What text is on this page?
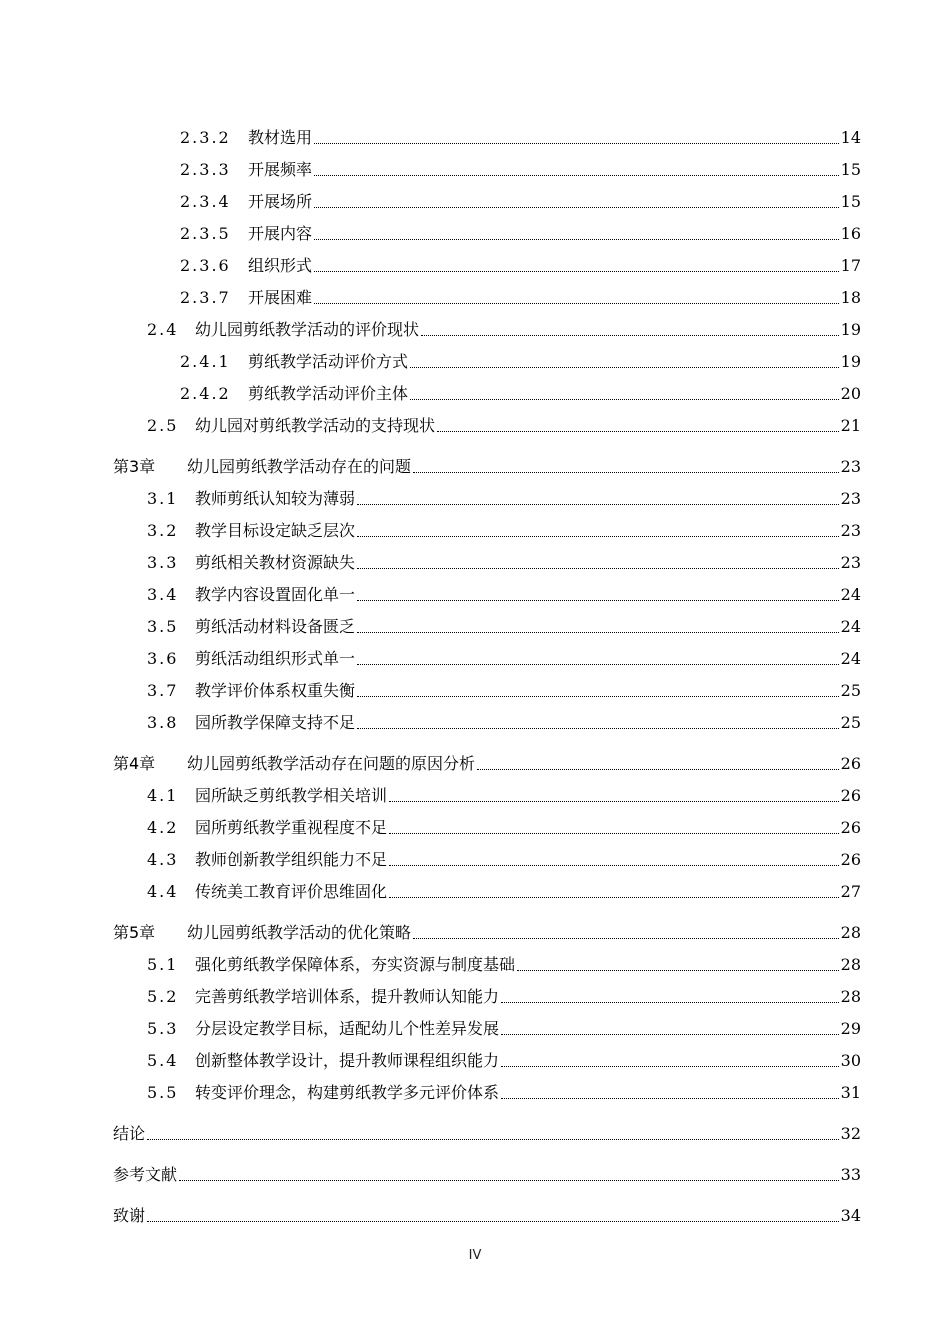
2.3.2	教材选用	14
2.3.3	开展频率	15
2.3.4	开展场所	15
2.3.5	开展内容	16
2.3.6	组织形式	17
2.3.7	开展困难	18
2.4	幼儿园剪纸教学活动的评价现状	19
2.4.1	剪纸教学活动评价方式	19
2.4.2	剪纸教学活动评价主体	20
2.5	幼儿园对剪纸教学活动的支持现状	21
第3章	幼儿园剪纸教学活动存在的问题	23
3.1	教师剪纸认知较为薄弱	23
3.2	教学目标设定缺乏层次	23
3.3	剪纸相关教材资源缺失	23
3.4	教学内容设置固化单一	24
3.5	剪纸活动材料设备匮乏	24
3.6	剪纸活动组织形式单一	24
3.7	教学评价体系权重失衡	25
3.8	园所教学保障支持不足	25
第4章	幼儿园剪纸教学活动存在问题的原因分析	26
4.1	园所缺乏剪纸教学相关培训	26
4.2	园所剪纸教学重视程度不足	26
4.3	教师创新教学组织能力不足	26
4.4	传统美工教育评价思维固化	27
第5章	幼儿园剪纸教学活动的优化策略	28
5.1	强化剪纸教学保障体系，夯实资源与制度基础	28
5.2	完善剪纸教学培训体系，提升教师认知能力	28
5.3	分层设定教学目标，适配幼儿个性差异发展	29
5.4	创新整体教学设计，提升教师课程组织能力	30
5.5	转变评价理念，构建剪纸教学多元评价体系	31
结论	32
参考文献	33
致谢	34
IV
